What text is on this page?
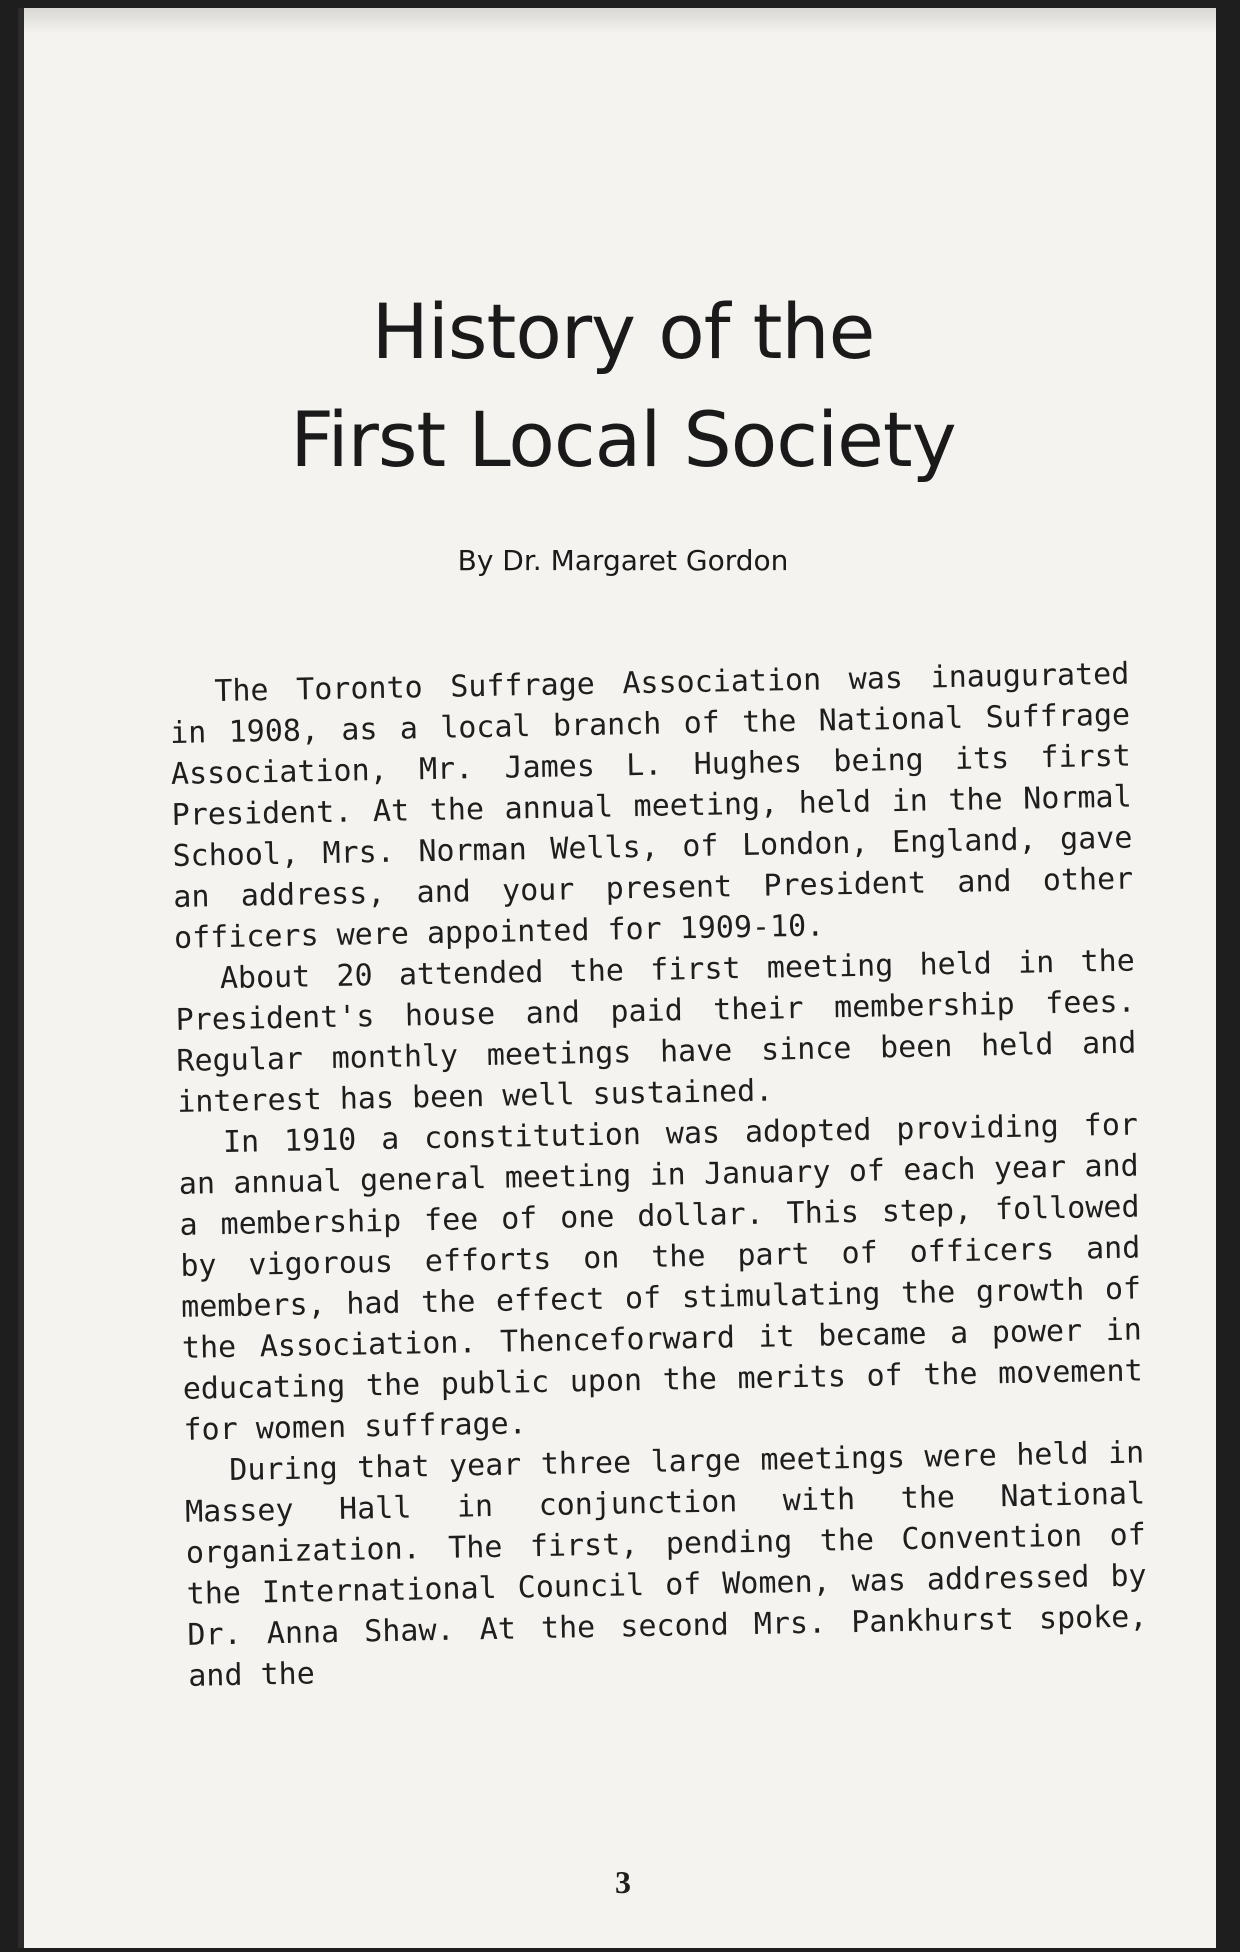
History of the
First Local Society

By Dr. Margaret Gordon

The Toronto Suffrage Association was inaugurated in 1908, as a local branch of the National Suffrage Association, Mr. James L. Hughes being its first President. At the annual meeting, held in the Normal School, Mrs. Norman Wells, of London, England, gave an address, and your present President and other officers were appointed for 1909-10.

About 20 attended the first meeting held in the President's house and paid their membership fees. Regular monthly meetings have since been held and interest has been well sustained.

In 1910 a constitution was adopted providing for an annual general meeting in January of each year and a membership fee of one dollar. This step, followed by vigorous efforts on the part of officers and members, had the effect of stimulating the growth of the Association. Thenceforward it became a power in educating the public upon the merits of the movement for women suffrage.

During that year three large meetings were held in Massey Hall in conjunction with the National organization. The first, pending the Convention of the International Council of Women, was addressed by Dr. Anna Shaw. At the second Mrs. Pankhurst spoke, and the

3
